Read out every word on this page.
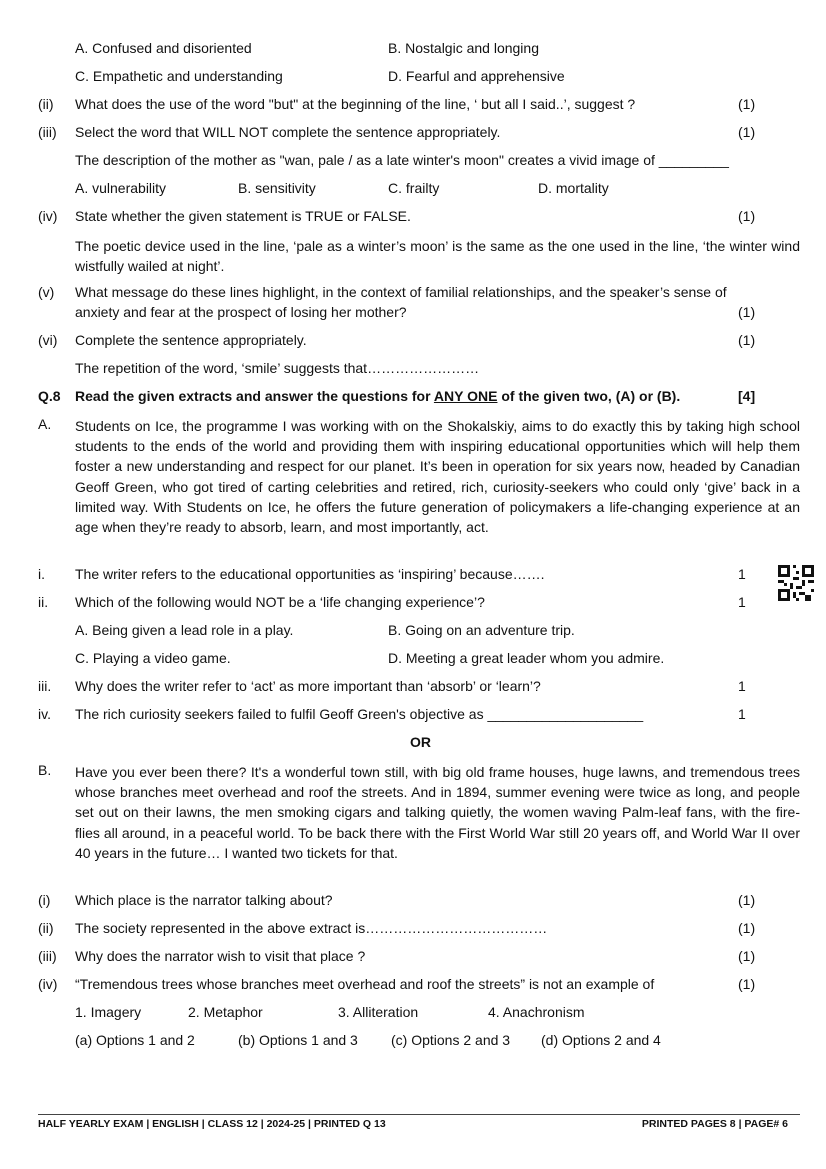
A. Confused and disoriented	B. Nostalgic and longing
C. Empathetic and understanding	D. Fearful and apprehensive
(ii) What does the use of the word "but" at the beginning of the line, ‘ but all I said..’, suggest ?	(1)
(iii) Select the word that WILL NOT complete the sentence appropriately.	(1)
The description of the mother as "wan, pale / as a late winter's moon" creates a vivid image of _________
A. vulnerability	B. sensitivity	C. frailty	D. mortality
(iv) State whether the given statement is TRUE or FALSE.	(1)
The poetic device used in the line, ‘pale as a winter’s moon’ is the same as the one used in the line, ‘the winter wind wistfully wailed at night’.
(v) What message do these lines highlight, in the context of familial relationships, and the speaker’s sense of
anxiety and fear at the prospect of losing her mother?	(1)
(vi) Complete the sentence appropriately.	(1)
The repetition of the word, ‘smile’ suggests that……………………
Q.8 Read the given extracts and answer the questions for ANY ONE of the given two, (A) or (B).	[4]
A. Students on Ice, the programme I was working with on the Shokalskiy, aims to do exactly this by taking high school students to the ends of the world and providing them with inspiring educational opportunities which will help them foster a new understanding and respect for our planet. It’s been in operation for six years now, headed by Canadian Geoff Green, who got tired of carting celebrities and retired, rich, curiosity-seekers who could only ‘give’ back in a limited way. With Students on Ice, he offers the future generation of policymakers a life-changing experience at an age when they’re ready to absorb, learn, and most importantly, act.
i. The writer refers to the educational opportunities as ‘inspiring’ because…….	1
ii. Which of the following would NOT be a ‘life changing experience’?	1
A. Being given a lead role in a play.	B. Going on an adventure trip.
C. Playing a video game.	D. Meeting a great leader whom you admire.
iii. Why does the writer refer to ‘act’ as more important than ‘absorb’ or ‘learn’?	1
iv. The rich curiosity seekers failed to fulfil Geoff Green's objective as ____________________	1
OR
B. Have you ever been there? It's a wonderful town still, with big old frame houses, huge lawns, and tremendous trees whose branches meet overhead and roof the streets. And in 1894, summer evening were twice as long, and people set out on their lawns, the men smoking cigars and talking quietly, the women waving Palm-leaf fans, with the fire-flies all around, in a peaceful world. To be back there with the First World War still 20 years off, and World War II over 40 years in the future… I wanted two tickets for that.
(i) Which place is the narrator talking about?	(1)
(ii) The society represented in the above extract is…………………………………	(1)
(iii) Why does the narrator wish to visit that place ?	(1)
(iv) “Tremendous trees whose branches meet overhead and roof the streets” is not an example of	(1)
1. Imagery	2. Metaphor	3. Alliteration	4. Anachronism
(a) Options 1 and 2	(b) Options 1 and 3 (c) Options 2 and 3 (d) Options 2 and 4
HALF YEARLY EXAM | ENGLISH | CLASS 12 | 2024-25 | PRINTED Q 13	PRINTED PAGES 8 | PAGE# 6
